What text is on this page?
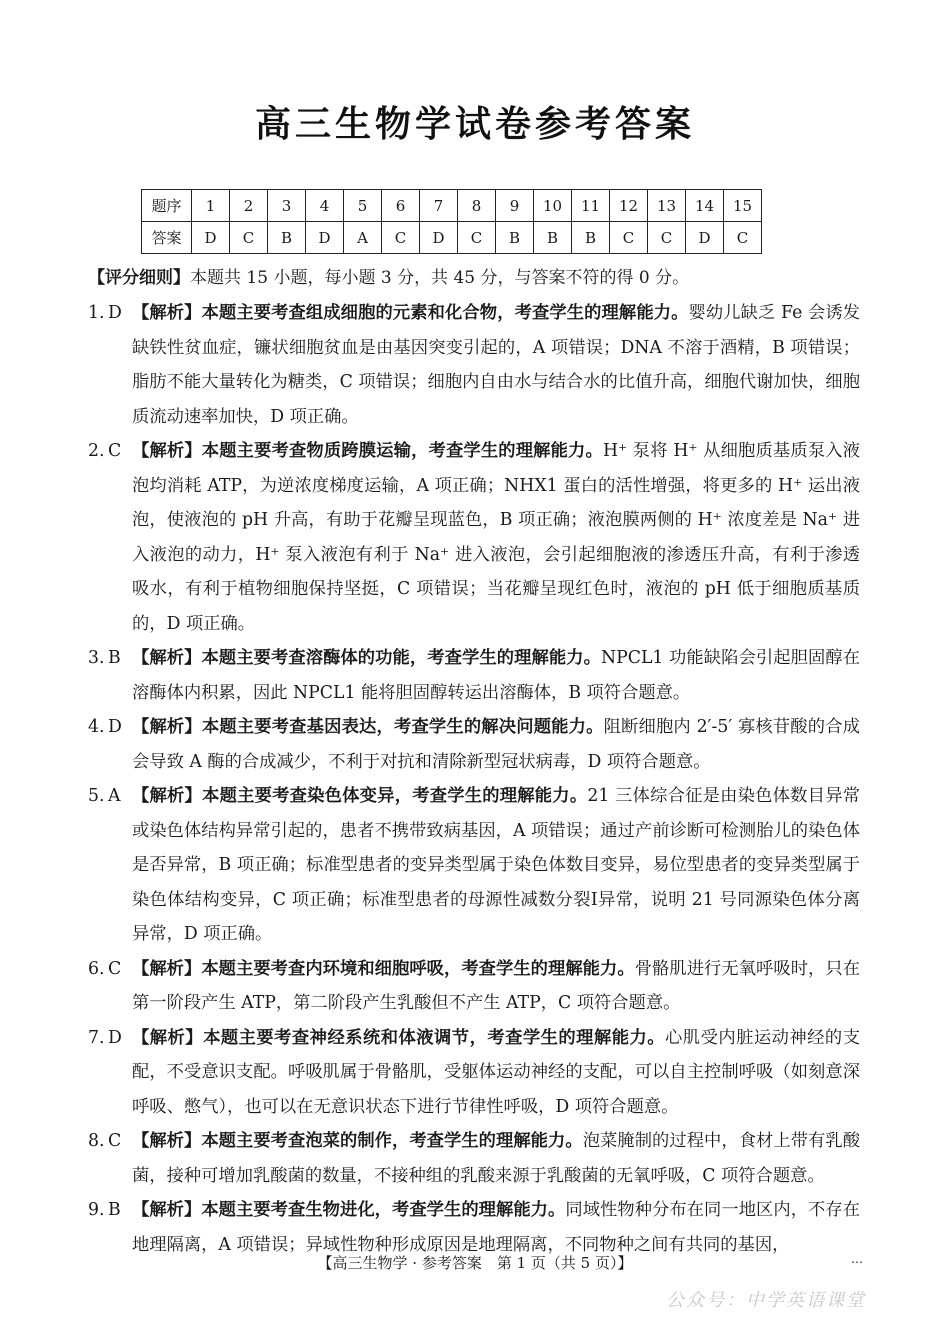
高三生物学试卷参考答案
题序	1	2	3	4	5	6	7	8	9	10	11	12	13	14	15
答案	D	C	B	D	A	C	D	C	B	B	B	C	C	D	C
【评分细则】本题共 15 小题，每小题 3 分，共 45 分，与答案不符的得 0 分。
1. D 【解析】本题主要考查组成细胞的元素和化合物，考查学生的理解能力。婴幼儿缺乏 Fe 会诱发缺铁性贫血症，镰状细胞贫血是由基因突变引起的，A 项错误；DNA 不溶于酒精，B 项错误；脂肪不能大量转化为糖类，C 项错误；细胞内自由水与结合水的比值升高，细胞代谢加快，细胞质流动速率加快，D 项正确。
2. C 【解析】本题主要考查物质跨膜运输，考查学生的理解能力。H⁺ 泵将 H⁺ 从细胞质基质泵入液泡均消耗 ATP，为逆浓度梯度运输，A 项正确；NHX1 蛋白的活性增强，将更多的 H⁺ 运出液泡，使液泡的 pH 升高，有助于花瓣呈现蓝色，B 项正确；液泡膜两侧的 H⁺ 浓度差是 Na⁺ 进入液泡的动力，H⁺ 泵入液泡有利于 Na⁺ 进入液泡，会引起细胞液的渗透压升高，有利于渗透吸水，有利于植物细胞保持坚挺，C 项错误；当花瓣呈现红色时，液泡的 pH 低于细胞质基质的，D 项正确。
3. B 【解析】本题主要考查溶酶体的功能，考查学生的理解能力。NPCL1 功能缺陷会引起胆固醇在溶酶体内积累，因此 NPCL1 能将胆固醇转运出溶酶体，B 项符合题意。
4. D 【解析】本题主要考查基因表达，考查学生的解决问题能力。阻断细胞内 2′-5′ 寡核苷酸的合成会导致 A 酶的合成减少，不利于对抗和清除新型冠状病毒，D 项符合题意。
5. A 【解析】本题主要考查染色体变异，考查学生的理解能力。21 三体综合征是由染色体数目异常或染色体结构异常引起的，患者不携带致病基因，A 项错误；通过产前诊断可检测胎儿的染色体是否异常，B 项正确；标准型患者的变异类型属于染色体数目变异，易位型患者的变异类型属于染色体结构变异，C 项正确；标准型患者的母源性减数分裂Ⅰ异常，说明 21 号同源染色体分离异常，D 项正确。
6. C 【解析】本题主要考查内环境和细胞呼吸，考查学生的理解能力。骨骼肌进行无氧呼吸时，只在第一阶段产生 ATP，第二阶段产生乳酸但不产生 ATP，C 项符合题意。
7. D 【解析】本题主要考查神经系统和体液调节，考查学生的理解能力。心肌受内脏运动神经的支配，不受意识支配。呼吸肌属于骨骼肌，受躯体运动神经的支配，可以自主控制呼吸（如刻意深呼吸、憋气），也可以在无意识状态下进行节律性呼吸，D 项符合题意。
8. C 【解析】本题主要考查泡菜的制作，考查学生的理解能力。泡菜腌制的过程中，食材上带有乳酸菌，接种可增加乳酸菌的数量，不接种组的乳酸来源于乳酸菌的无氧呼吸，C 项符合题意。
9. B 【解析】本题主要考查生物进化，考查学生的理解能力。同域性物种分布在同一地区内，不存在地理隔离，A 项错误；异域性物种形成原因是地理隔离，不同物种之间有共同的基因，
【高三生物学 · 参考答案　第 1 页（共 5 页）】	…
公众号：中学英语课堂
